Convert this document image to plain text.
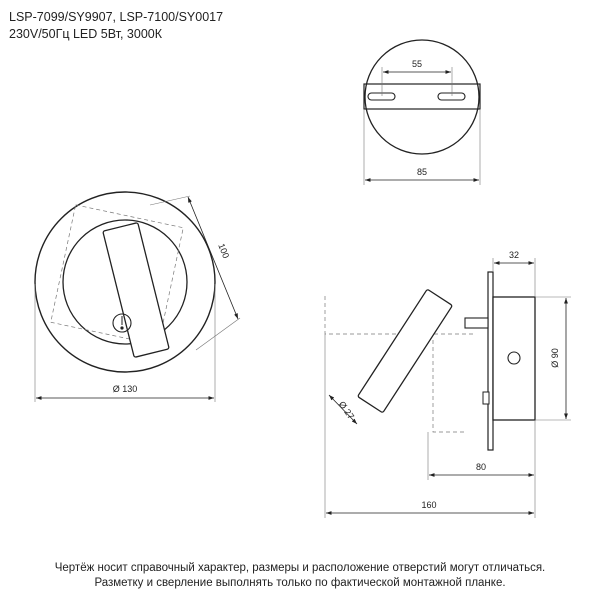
LSP-7099/SY9907, LSP-7100/SY0017
230V/50Гц LED 5Вт, 3000К
55
85
Ø 130
100	32
Ø 90
Ø 27
80
160
Чертёж носит справочный характер, размеры и расположение отверстий могут отличаться.
Разметку и сверление выполнять только по фактической монтажной планке.
